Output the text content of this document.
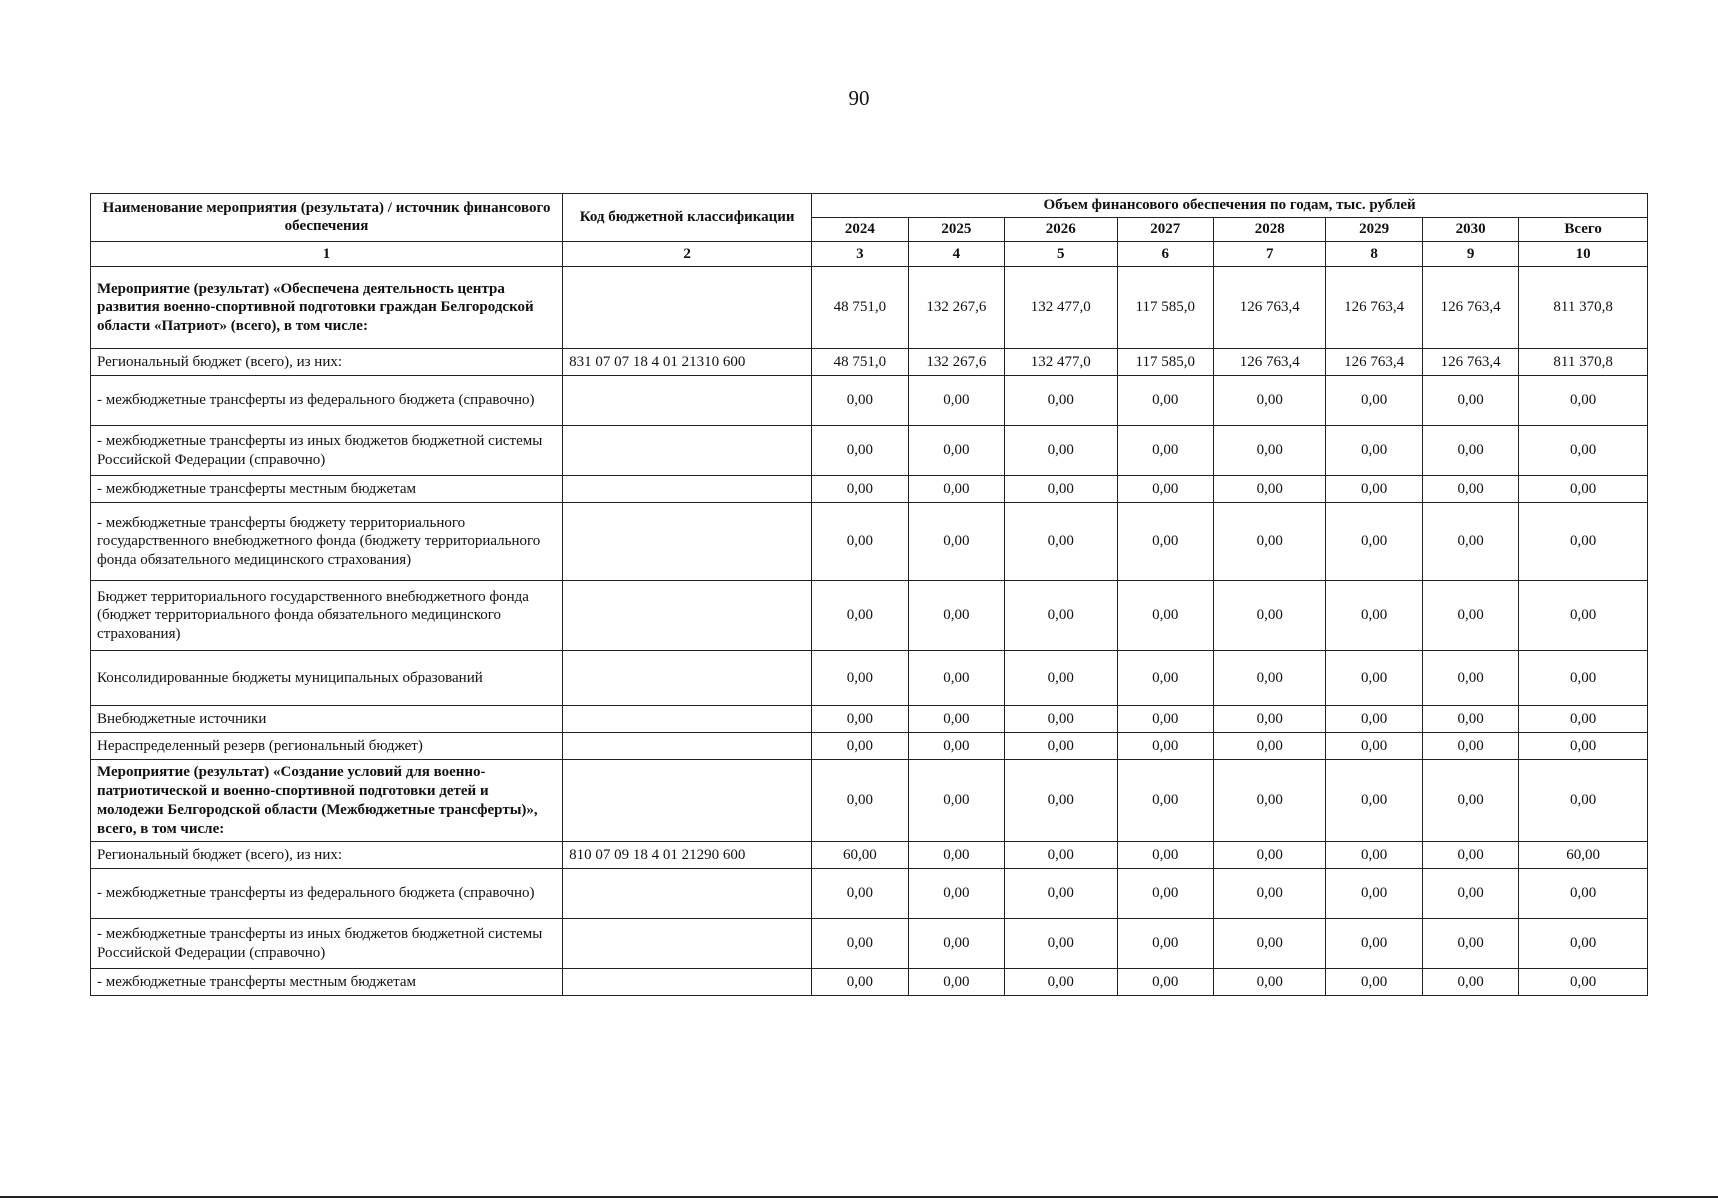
90
Наименование мероприятия (результата) / источник финансового обеспечения	Код бюджетной классификации	Объем финансового обеспечения по годам, тыс. рублей							
		2024	2025	2026	2027	2028	2029	2030	Всего
1	2	3	4	5	6	7	8	9	10
Мероприятие (результат) «Обеспечена деятельность центра развития военно-спортивной подготовки граждан Белгородской области «Патриот» (всего), в том числе:		48 751,0	132 267,6	132 477,0	117 585,0	126 763,4	126 763,4	126 763,4	811 370,8
Региональный бюджет (всего), из них:	831 07 07 18 4 01 21310 600	48 751,0	132 267,6	132 477,0	117 585,0	126 763,4	126 763,4	126 763,4	811 370,8
- межбюджетные трансферты из федерального бюджета (справочно)		0,00	0,00	0,00	0,00	0,00	0,00	0,00	0,00
- межбюджетные трансферты из иных бюджетов бюджетной системы Российской Федерации (справочно)		0,00	0,00	0,00	0,00	0,00	0,00	0,00	0,00
- межбюджетные трансферты местным бюджетам		0,00	0,00	0,00	0,00	0,00	0,00	0,00	0,00
- межбюджетные трансферты бюджету территориального государственного внебюджетного фонда (бюджету территориального фонда обязательного медицинского страхования)		0,00	0,00	0,00	0,00	0,00	0,00	0,00	0,00
Бюджет территориального государственного внебюджетного фонда (бюджет территориального фонда обязательного медицинского страхования)		0,00	0,00	0,00	0,00	0,00	0,00	0,00	0,00
Консолидированные бюджеты муниципальных образований		0,00	0,00	0,00	0,00	0,00	0,00	0,00	0,00
Внебюджетные источники		0,00	0,00	0,00	0,00	0,00	0,00	0,00	0,00
Нераспределенный резерв (региональный бюджет)		0,00	0,00	0,00	0,00	0,00	0,00	0,00	0,00
Мероприятие (результат) «Создание условий для военно-патриотической и военно-спортивной подготовки детей и молодежи Белгородской области (Межбюджетные трансферты)», всего, в том числе:		0,00	0,00	0,00	0,00	0,00	0,00	0,00	0,00
Региональный бюджет (всего), из них:	810 07 09 18 4 01 21290 600	60,00	0,00	0,00	0,00	0,00	0,00	0,00	60,00
- межбюджетные трансферты из федерального бюджета (справочно)		0,00	0,00	0,00	0,00	0,00	0,00	0,00	0,00
- межбюджетные трансферты из иных бюджетов бюджетной системы Российской Федерации (справочно)		0,00	0,00	0,00	0,00	0,00	0,00	0,00	0,00
- межбюджетные трансферты местным бюджетам		0,00	0,00	0,00	0,00	0,00	0,00	0,00	0,00
